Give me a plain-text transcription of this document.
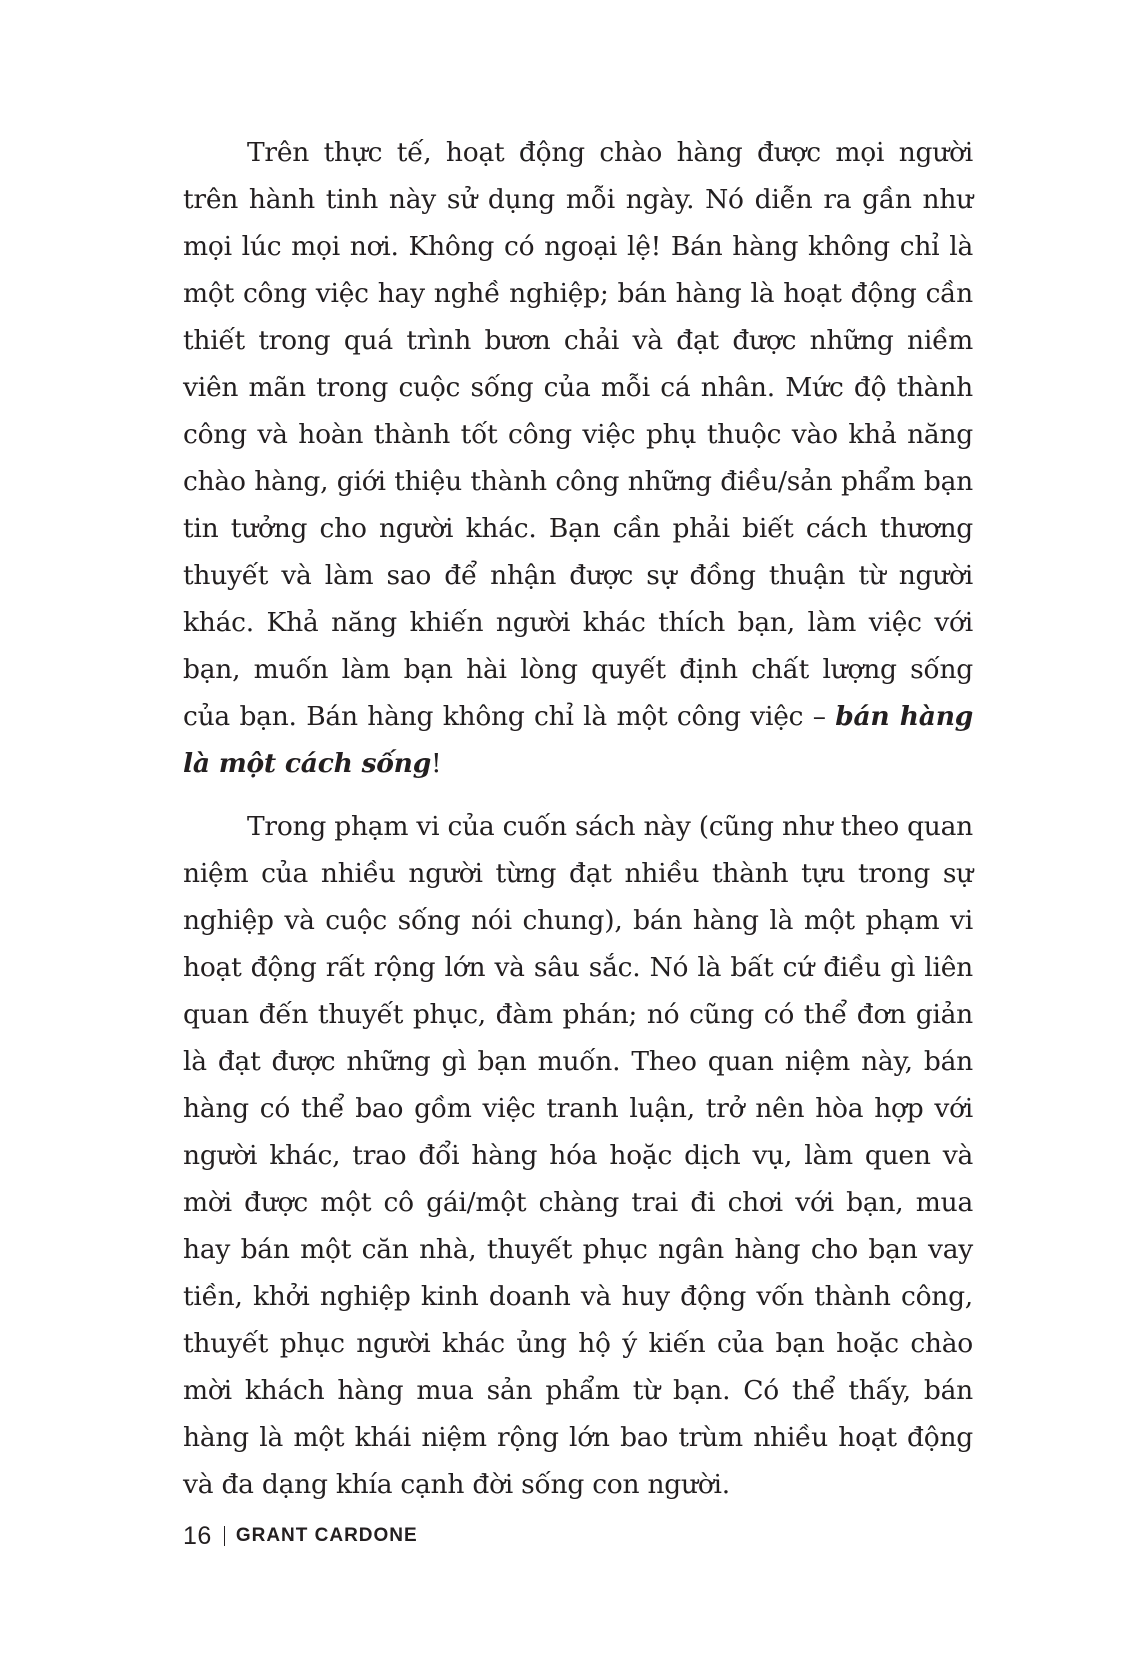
Trên thực tế, hoạt động chào hàng được mọi người trên hành tinh này sử dụng mỗi ngày. Nó diễn ra gần như mọi lúc mọi nơi. Không có ngoại lệ! Bán hàng không chỉ là một công việc hay nghề nghiệp; bán hàng là hoạt động cần thiết trong quá trình bươn chải và đạt được những niềm viên mãn trong cuộc sống của mỗi cá nhân. Mức độ thành công và hoàn thành tốt công việc phụ thuộc vào khả năng chào hàng, giới thiệu thành công những điều/sản phẩm bạn tin tưởng cho người khác. Bạn cần phải biết cách thương thuyết và làm sao để nhận được sự đồng thuận từ người khác. Khả năng khiến người khác thích bạn, làm việc với bạn, muốn làm bạn hài lòng quyết định chất lượng sống của bạn. Bán hàng không chỉ là một công việc – bán hàng là một cách sống!

Trong phạm vi của cuốn sách này (cũng như theo quan niệm của nhiều người từng đạt nhiều thành tựu trong sự nghiệp và cuộc sống nói chung), bán hàng là một phạm vi hoạt động rất rộng lớn và sâu sắc. Nó là bất cứ điều gì liên quan đến thuyết phục, đàm phán; nó cũng có thể đơn giản là đạt được những gì bạn muốn. Theo quan niệm này, bán hàng có thể bao gồm việc tranh luận, trở nên hòa hợp với người khác, trao đổi hàng hóa hoặc dịch vụ, làm quen và mời được một cô gái/một chàng trai đi chơi với bạn, mua hay bán một căn nhà, thuyết phục ngân hàng cho bạn vay tiền, khởi nghiệp kinh doanh và huy động vốn thành công, thuyết phục người khác ủng hộ ý kiến của bạn hoặc chào mời khách hàng mua sản phẩm từ bạn. Có thể thấy, bán hàng là một khái niệm rộng lớn bao trùm nhiều hoạt động và đa dạng khía cạnh đời sống con người.

16 GRANT CARDONE
